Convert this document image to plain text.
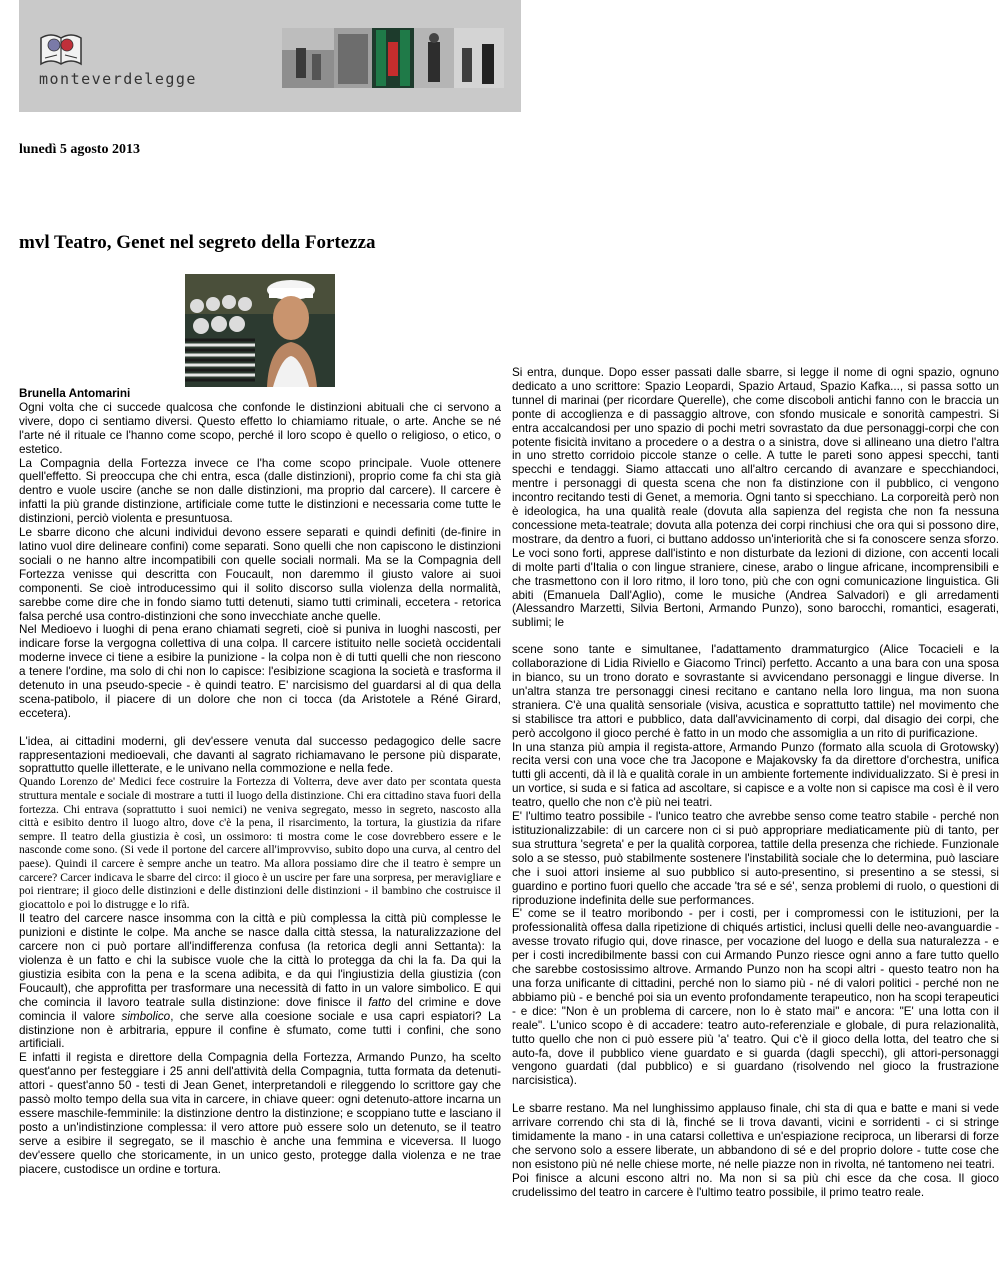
monteverdelegge
lunedì 5 agosto 2013
mvl Teatro, Genet nel segreto della Fortezza

Brunella Antomarini

Ogni volta che ci succede qualcosa che confonde le distinzioni abituali che ci servono a vivere, dopo ci sentiamo diversi. Questo effetto lo chiamiamo rituale, o arte. Anche se né l'arte né il rituale ce l'hanno come scopo, perché il loro scopo è quello o religioso, o etico, o estetico.

La Compagnia della Fortezza invece ce l'ha come scopo principale. Vuole ottenere quell'effetto. Si preoccupa che chi entra, esca (dalle distinzioni), proprio come fa chi sta già dentro e vuole uscire (anche se non dalle distinzioni, ma proprio dal carcere). Il carcere è infatti la più grande distinzione, artificiale come tutte le distinzioni e necessaria come tutte le distinzioni, perciò violenta e presuntuosa.

Le sbarre dicono che alcuni individui devono essere separati e quindi definiti (de-finire in latino vuol dire delineare confini) come separati. Sono quelli che non capiscono le distinzioni sociali o ne hanno altre incompatibili con quelle sociali normali. Ma se la Compagnia dell Fortezza venisse qui descritta con Foucault, non daremmo il giusto valore ai suoi componenti. Se cioè introducessimo qui il solito discorso sulla violenza della normalità, sarebbe come dire che in fondo siamo tutti detenuti, siamo tutti criminali, eccetera - retorica falsa perché usa contro-distinzioni che sono invecchiate anche quelle.

Nel Medioevo i luoghi di pena erano chiamati segreti, cioè si puniva in luoghi nascosti, per indicare forse la vergogna collettiva di una colpa. Il carcere istituito nelle società occidentali moderne invece ci tiene a esibire la punizione - la colpa non è di tutti quelli che non riescono a tenere l'ordine, ma solo di chi non lo capisce: l'esibizione scagiona la società e trasforma il detenuto in una pseudo-specie - è quindi teatro. E' narcisismo del guardarsi al di qua della scena-patibolo, il piacere di un dolore che non ci tocca (da Aristotele a Réné Girard, eccetera).

L'idea, ai cittadini moderni, gli dev'essere venuta dal successo pedagogico delle sacre rappresentazioni medioevali, che davanti al sagrato richiamavano le persone più disparate, soprattutto quelle illetterate, e le univano nella commozione e nella fede.

Quando Lorenzo de' Medici fece costruire la Fortezza di Volterra, deve aver dato per scontata questa struttura mentale e sociale di mostrare a tutti il luogo della distinzione. Chi era cittadino stava fuori della fortezza. Chi entrava (soprattutto i suoi nemici) ne veniva segregato, messo in segreto, nascosto alla città e esibito dentro il luogo altro, dove c'è la pena, il risarcimento, la tortura, la giustizia da rifare sempre. Il teatro della giustizia è così, un ossimoro: ti mostra come le cose dovrebbero essere e le nasconde come sono. (Si vede il portone del carcere all'improvviso, subito dopo una curva, al centro del paese). Quindi il carcere è sempre anche un teatro. Ma allora possiamo dire che il teatro è sempre un carcere? Carcer indicava le sbarre del circo: il gioco è un uscire per fare una sorpresa, per meravigliare e poi rientrare; il gioco delle distinzioni e delle distinzioni delle distinzioni - il bambino che costruisce il giocattolo e poi lo distrugge e lo rifà.

Il teatro del carcere nasce insomma con la città e più complessa la città più complesse le punizioni e distinte le colpe. Ma anche se nasce dalla città stessa, la naturalizzazione del carcere non ci può portare all'indifferenza confusa (la retorica degli anni Settanta): la violenza è un fatto e chi la subisce vuole che la città lo protegga da chi la fa. Da qui la giustizia esibita con la pena e la scena adibita, e da qui l'ingiustizia della giustizia (con Foucault), che approfitta per trasformare una necessità di fatto in un valore simbolico. E qui che comincia il lavoro teatrale sulla distinzione: dove finisce il fatto del crimine e dove comincia il valore simbolico, che serve alla coesione sociale e usa capri espiatori? La distinzione non è arbitraria, eppure il confine è sfumato, come tutti i confini, che sono artificiali.

E infatti il regista e direttore della Compagnia della Fortezza, Armando Punzo, ha scelto quest'anno per festeggiare i 25 anni dell'attività della Compagnia, tutta formata da detenuti-attori - quest'anno 50 - testi di Jean Genet, interpretandoli e rileggendo lo scrittore gay che passò molto tempo della sua vita in carcere, in chiave queer: ogni detenuto-attore incarna un essere maschile-femminile: la distinzione dentro la distinzione; e scoppiano tutte e lasciano il posto a un'indistinzione complessa: il vero attore può essere solo un detenuto, se il teatro serve a esibire il segregato, se il maschio è anche una femmina e viceversa. Il luogo dev'essere quello che storicamente, in un unico gesto, protegge dalla violenza e ne trae piacere, custodisce un ordine e tortura.

Si entra, dunque. Dopo esser passati dalle sbarre, si legge il nome di ogni spazio, ognuno dedicato a uno scrittore: Spazio Leopardi, Spazio Artaud, Spazio Kafka..., si passa sotto un tunnel di marinai (per ricordare Querelle), che come discoboli antichi fanno con le braccia un ponte di accoglienza e di passaggio altrove, con sfondo musicale e sonorità campestri. Si entra accalcandosi per uno spazio di pochi metri sovrastato da due personaggi-corpi che con potente fisicità invitano a procedere o a destra o a sinistra, dove si allineano una dietro l'altra in uno stretto corridoio piccole stanze o celle. A tutte le pareti sono appesi specchi, tanti specchi e tendaggi. Siamo attaccati uno all'altro cercando di avanzare e specchiandoci, mentre i personaggi di questa scena che non fa distinzione con il pubblico, ci vengono incontro recitando testi di Genet, a memoria. Ogni tanto si specchiano. La corporeità però non è ideologica, ha una qualità reale (dovuta alla sapienza del regista che non fa nessuna concessione meta-teatrale; dovuta alla potenza dei corpi rinchiusi che ora qui si possono dire, mostrare, da dentro a fuori, ci buttano addosso un'interiorità che si fa conoscere senza sforzo. Le voci sono forti, apprese dall'istinto e non disturbate da lezioni di dizione, con accenti locali di molte parti d'Italia o con lingue straniere, cinese, arabo o lingue africane, incomprensibili e che trasmettono con il loro ritmo, il loro tono, più che con ogni comunicazione linguistica. Gli abiti (Emanuela Dall'Aglio), come le musiche (Andrea Salvadori) e gli arredamenti (Alessandro Marzetti, Silvia Bertoni, Armando Punzo), sono barocchi, romantici, esagerati, sublimi; le

scene sono tante e simultanee, l'adattamento drammaturgico (Alice Tocacieli e la collaborazione di Lidia Riviello e Giacomo Trinci) perfetto. Accanto a una bara con una sposa in bianco, su un trono dorato e sovrastante si avvicendano personaggi e lingue diverse. In un'altra stanza tre personaggi cinesi recitano e cantano nella loro lingua, ma non suona straniera. C'è una qualità sensoriale (visiva, acustica e soprattutto tattile) nel movimento che si stabilisce tra attori e pubblico, data dall'avvicinamento di corpi, dal disagio dei corpi, che però accolgono il gioco perché è fatto in un modo che assomiglia a un rito di purificazione.

In una stanza più ampia il regista-attore, Armando Punzo (formato alla scuola di Grotowsky) recita versi con una voce che tra Jacopone e Majakovsky fa da direttore d'orchestra, unifica tutti gli accenti, dà il là e qualità corale in un ambiente fortemente individualizzato. Si è presi in un vortice, si suda e si fatica ad ascoltare, si capisce e a volte non si capisce ma così è il vero teatro, quello che non c'è più nei teatri.

E' l'ultimo teatro possibile - l'unico teatro che avrebbe senso come teatro stabile - perché non istituzionalizzabile: di un carcere non ci si può appropriare mediaticamente più di tanto, per sua struttura 'segreta' e per la qualità corporea, tattile della presenza che richiede. Funzionale solo a se stesso, può stabilmente sostenere l'instabilità sociale che lo determina, può lasciare che i suoi attori insieme al suo pubblico si auto-presentino, si presentino a se stessi, si guardino e portino fuori quello che accade 'tra sé e sé', senza problemi di ruolo, o questioni di riproduzione indefinita delle sue performances.

E' come se il teatro moribondo - per i costi, per i compromessi con le istituzioni, per la professionalità offesa dalla ripetizione di chiqués artistici, inclusi quelli delle neo-avanguardie - avesse trovato rifugio qui, dove rinasce, per vocazione del luogo e della sua naturalezza - e per i costi incredibilmente bassi con cui Armando Punzo riesce ogni anno a fare tutto quello che sarebbe costosissimo altrove. Armando Punzo non ha scopi altri - questo teatro non ha una forza unificante di cittadini, perché non lo siamo più - né di valori politici - perché non ne abbiamo più - e benché poi sia un evento profondamente terapeutico, non ha scopi terapeutici - e dice: "Non è un problema di carcere, non lo è stato mai" e ancora: "E' una lotta con il reale". L'unico scopo è di accadere: teatro auto-referenziale e globale, di pura relazionalità, tutto quello che non ci può essere più 'a' teatro. Qui c'è il gioco della lotta, del teatro che si auto-fa, dove il pubblico viene guardato e si guarda (dagli specchi), gli attori-personaggi vengono guardati (dal pubblico) e si guardano (risolvendo nel gioco la frustrazione narcisistica).

Le sbarre restano. Ma nel lunghissimo applauso finale, chi sta di qua e batte e mani si vede arrivare correndo chi sta di là, finché se li trova davanti, vicini e sorridenti - ci si stringe timidamente la mano - in una catarsi collettiva e un'espiazione reciproca, un liberarsi di forze che servono solo a essere liberate, un abbandono di sé e del proprio dolore - tutte cose che non esistono più né nelle chiese morte, né nelle piazze non in rivolta, né tantomeno nei teatri.

Poi finisce a alcuni escono altri no. Ma non si sa più chi esce da che cosa. Il gioco crudelissimo del teatro in carcere è l'ultimo teatro possibile, il primo teatro reale.
